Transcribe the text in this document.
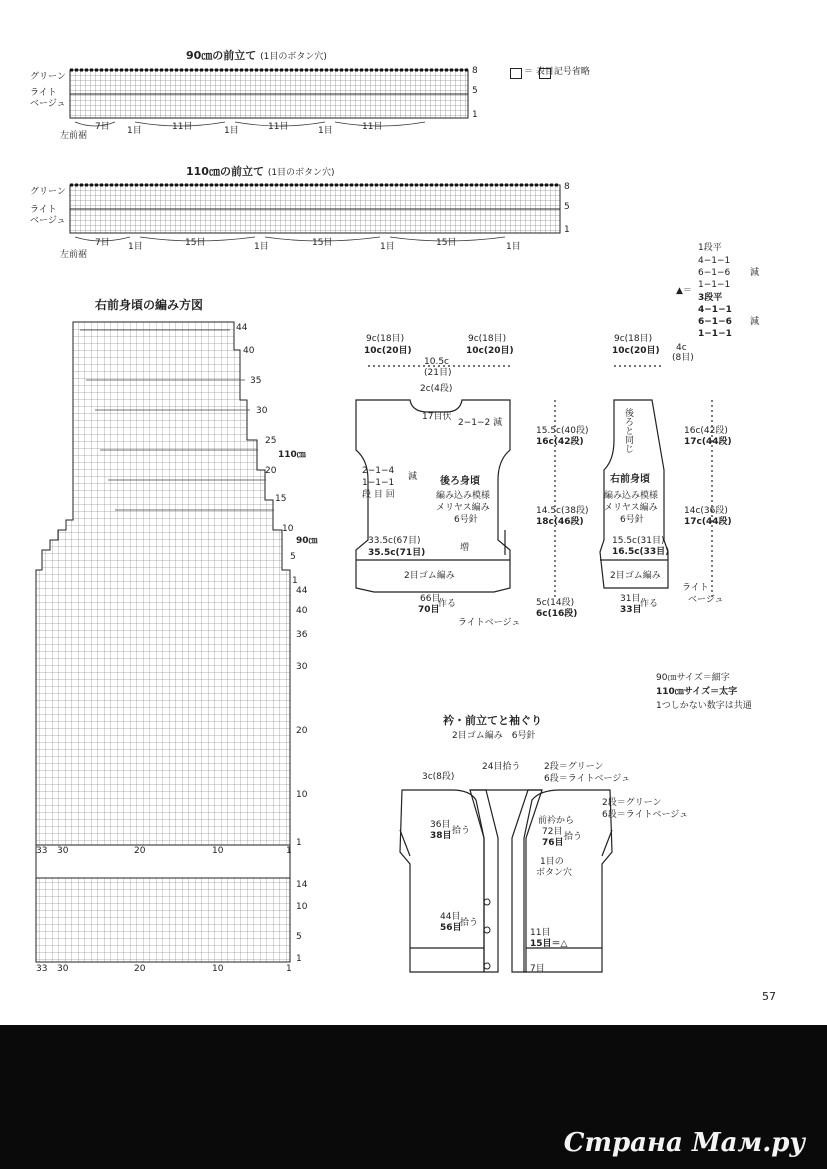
90㎝の前立て (1目のボタン穴)
グリーン
ライト
ベージュ
左前裾
7目 1目	11目	1目	11目	1目	11目
8
5
1
＝ 表目記号省略
110㎝の前立て (1目のボタン穴)
グリーン
ライト
ベージュ
左前裾
7目 1目	15目	1目	15目	1目	15目	1目
8
5
1
右前身頃の編み方図
44
40
35
30
25
20
15
10
5
1
44
40
36
30
20
10
1
110㎝
90㎝
33 30	20	10	1
14
10
5
1
33 30	20	10	1
9c(18目)
10c(20目)
9c(18目)
10c(20目)
10.5c
(21目)
2c(4段)
17目伏
2−1−2 減
2−1−4
1−1−1
段 目 回
減 後ろ身頃
編み込み模様
メリヤス編み
6号針
33.5c(67目)
35.5c(71目)	増
2目ゴム編み
66目
70目
作る
ライトベージュ
15.5c(40段)
16c(42段)
14.5c(38段)
18c(46段)
5c(14段)
6c(16段)
9c(18目)
10c(20目) 4c
(8目)
後ろと同じ
右前身頃
編み込み模様
メリヤス編み
6号針
15.5c(31目)
16.5c(33目)
2目ゴム編み
31目
33目
作る
ライト
ベージュ
16c(42段)
17c(44段)
14c(36段)
17c(44段)
1段平
4−1−1
6−1−6
1−1−1
減
▲＝
3段平
4−1−1
6−1−6
1−1−1
減
90㎝サイズ＝細字
110㎝サイズ＝太字
1つしかない数字は共通
衿・前立てと袖ぐり
2目ゴム編み　6号針
24目拾う	2段＝グリーン
6段＝ライトベージュ
3c(8段)
36目
38目 拾う
前衿から
72目
76目
拾う
2段＝グリーン
6段＝ライトベージュ
1目の
ボタン穴
44目
56目
拾う
11目
15目＝△
7目
57
Страна Мам.ру
